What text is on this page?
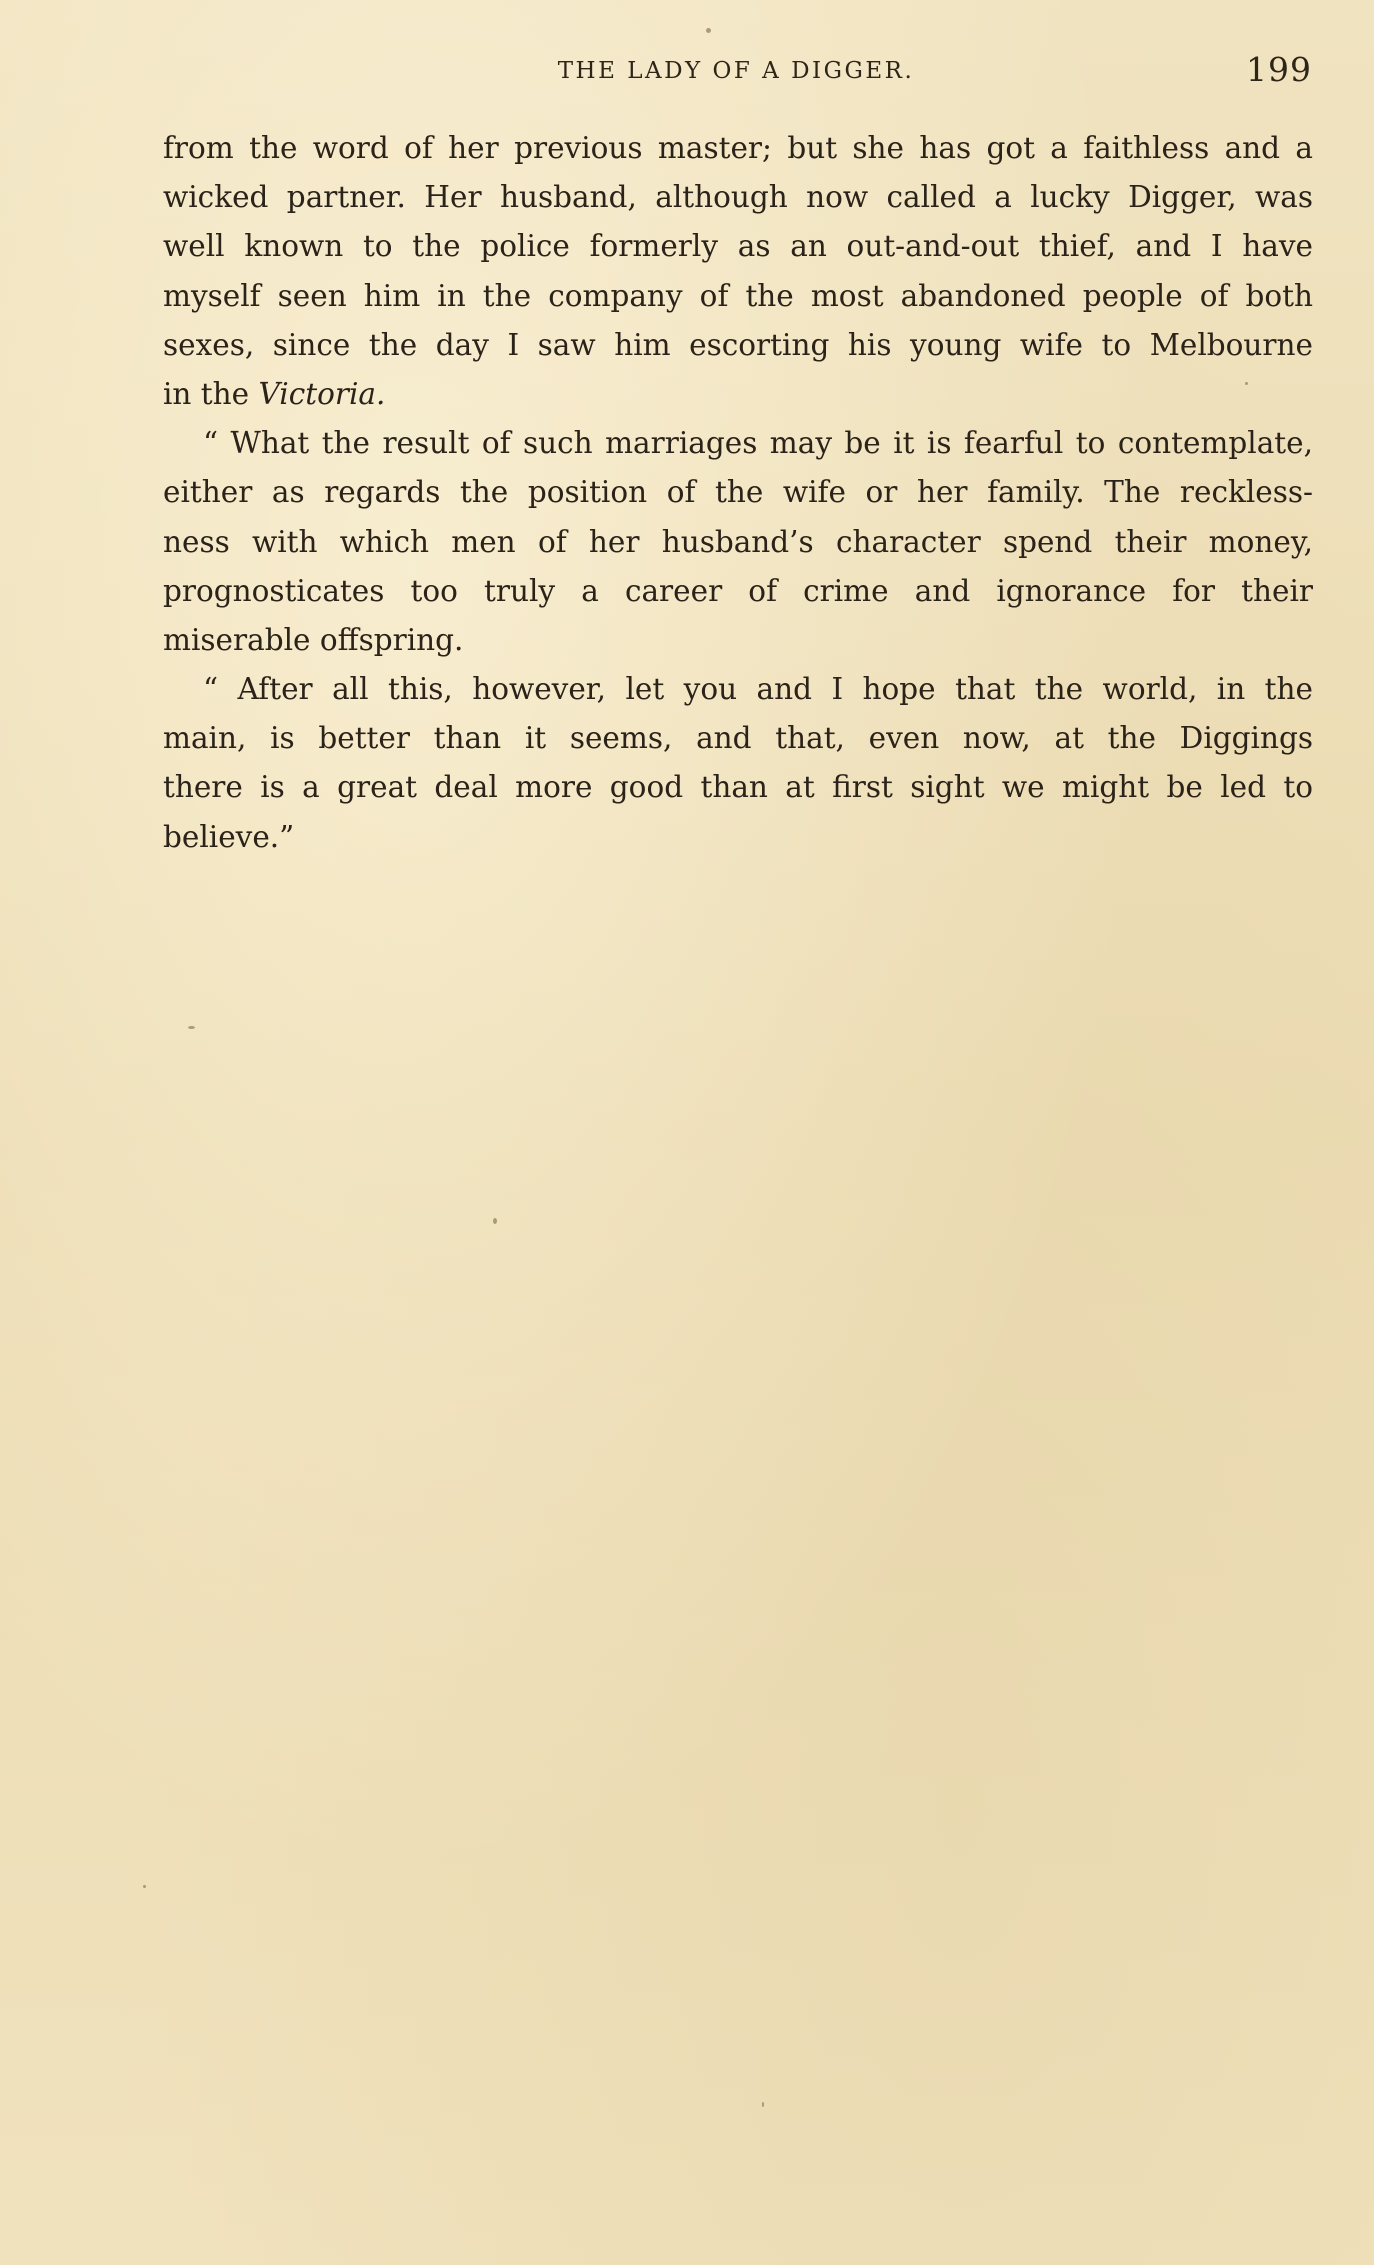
THE LADY OF A DIGGER.	199
from the word of her previous master; but she has got a faithless and a
wicked partner. Her husband, although now called a lucky Digger, was
well known to the police formerly as an out-and-out thief, and I have
myself seen him in the company of the most abandoned people of both
sexes, since the day I saw him escorting his young wife to Melbourne
in the Victoria.
“ What the result of such marriages may be it is fearful to contemplate,
either as regards the position of the wife or her family. The reckless-
ness with which men of her husband’s character spend their money,
prognosticates too truly a career of crime and ignorance for their
miserable offspring.
“ After all this, however, let you and I hope that the world, in the
main, is better than it seems, and that, even now, at the Diggings
there is a great deal more good than at first sight we might be led to
believe.”
